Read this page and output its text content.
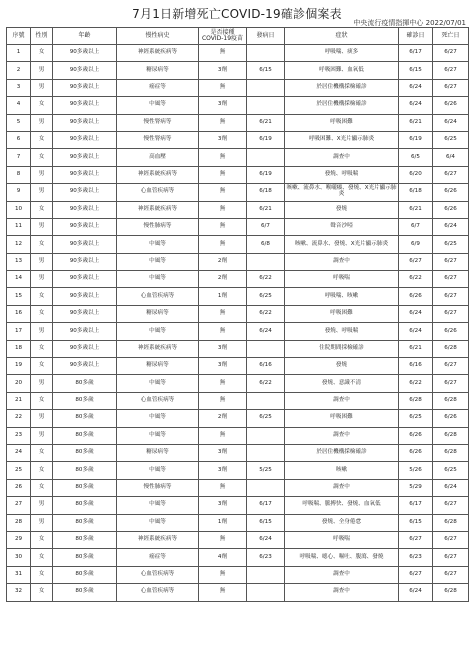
7月1日新增死亡COVID-19確診個案表
中央流行疫情指揮中心 2022/07/01
序號	性別	年齡	慢性病史	是否接種COVID-19疫苗	發病日	症狀	確診日	死亡日
1	女	90多歲以上	神經系統疾病等	無		呼吸喘、痰多	6/17	6/27
2	男	90多歲以上	糖尿病等	3劑	6/15	呼吸困難、血氧低	6/15	6/27
3	男	90多歲以上	癌症等	無		於居住機構採檢確診	6/24	6/27
4	女	90多歲以上	中風等	3劑		於居住機構採檢確診	6/24	6/26
5	男	90多歲以上	慢性腎病等	無	6/21	呼吸困難	6/21	6/24
6	女	90多歲以上	慢性腎病等	3劑	6/19	呼吸困難、X光片顯示肺炎	6/19	6/25
7	女	90多歲以上	高血壓	無		調查中	6/5	6/4
8	男	90多歲以上	神經系統疾病等	無	6/19	發燒、呼吸喘	6/20	6/27
9	男	90多歲以上	心血管疾病等	無	6/18	咳嗽、流鼻水、喉嚨癢、發燒、X光片顯示肺炎	6/18	6/26
10	女	90多歲以上	神經系統疾病等	無	6/21	發燒	6/21	6/26
11	男	90多歲以上	慢性肺病等	無	6/7	聲音沙啞	6/7	6/24
12	女	90多歲以上	中風等	無	6/8	咳嗽、流鼻水、發燒、X光片顯示肺炎	6/9	6/25
13	男	90多歲以上	中風等	2劑		調查中	6/27	6/27
14	男	90多歲以上	中風等	2劑	6/22	呼吸喘	6/22	6/27
15	女	90多歲以上	心血管疾病等	1劑	6/25	呼吸喘、咳嗽	6/26	6/27
16	女	90多歲以上	糖尿病等	無	6/22	呼吸困難	6/24	6/27
17	男	90多歲以上	中風等	無	6/24	發燒、呼吸喘	6/24	6/26
18	女	90多歲以上	神經系統疾病等	3劑		住院期間採檢確診	6/21	6/28
19	女	90多歲以上	糖尿病等	3劑	6/16	發燒	6/16	6/27
20	男	80多歲	中風等	無	6/22	發燒、意識不清	6/22	6/27
21	女	80多歲	心血管疾病等	無		調查中	6/28	6/28
22	男	80多歲	中風等	2劑	6/25	呼吸困難	6/25	6/26
23	男	80多歲	中風等	無		調查中	6/26	6/28
24	女	80多歲	糖尿病等	3劑		於居住機構採檢確診	6/26	6/28
25	女	80多歲	中風等	3劑	5/25	咳嗽	5/26	6/25
26	女	80多歲	慢性肺病等	無		調查中	5/29	6/24
27	男	80多歲	中風等	3劑	6/17	呼吸喘、脈搏快、發燒、血氧低	6/17	6/27
28	男	80多歲	中風等	1劑	6/15	發燒、全身倦怠	6/15	6/28
29	女	80多歲	神經系統疾病等	無	6/24	呼吸喘	6/27	6/27
30	女	80多歲	癌症等	4劑	6/23	呼吸喘、噁心、嘔吐、腹瀉、發燒	6/23	6/27
31	女	80多歲	心血管疾病等	無		調查中	6/27	6/27
32	女	80多歲	心血管疾病等	無		調查中	6/24	6/28
